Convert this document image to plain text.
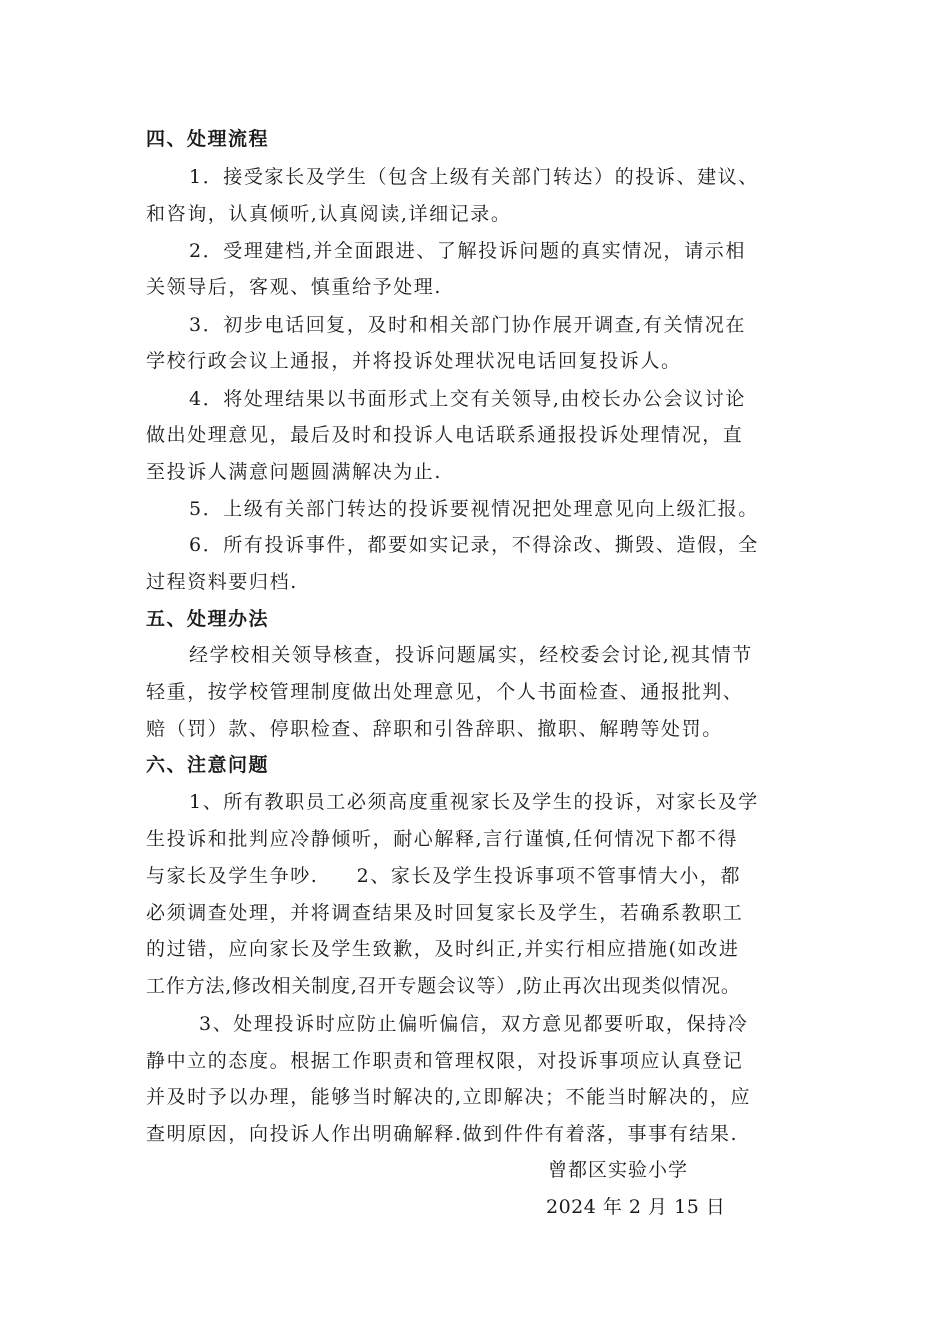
四、处理流程
1．接受家长及学生（包含上级有关部门转达）的投诉、建议、
和咨询，认真倾听,认真阅读,详细记录。
2．受理建档,并全面跟进、了解投诉问题的真实情况，请示相
关领导后，客观、慎重给予处理.
3．初步电话回复，及时和相关部门协作展开调查,有关情况在
学校行政会议上通报，并将投诉处理状况电话回复投诉人。
4．将处理结果以书面形式上交有关领导,由校长办公会议讨论
做出处理意见，最后及时和投诉人电话联系通报投诉处理情况，直
至投诉人满意问题圆满解决为止.
5．上级有关部门转达的投诉要视情况把处理意见向上级汇报。
6．所有投诉事件，都要如实记录，不得涂改、撕毁、造假，全
过程资料要归档.
五、处理办法
经学校相关领导核查，投诉问题属实，经校委会讨论,视其情节
轻重，按学校管理制度做出处理意见，个人书面检查、通报批判、
赔（罚）款、停职检查、辞职和引咎辞职、撤职、解聘等处罚。
六、注意问题
1、所有教职员工必须高度重视家长及学生的投诉，对家长及学
生投诉和批判应冷静倾听，耐心解释,言行谨慎,任何情况下都不得
与家长及学生争吵.     2、家长及学生投诉事项不管事情大小，都
必须调查处理，并将调查结果及时回复家长及学生，若确系教职工
的过错，应向家长及学生致歉，及时纠正,并实行相应措施(如改进
工作方法,修改相关制度,召开专题会议等）,防止再次出现类似情况。
3、处理投诉时应防止偏听偏信，双方意见都要听取，保持冷
静中立的态度。根据工作职责和管理权限，对投诉事项应认真登记
并及时予以办理，能够当时解决的,立即解决；不能当时解决的，应
查明原因，向投诉人作出明确解释.做到件件有着落，事事有结果.
曾都区实验小学
2024 年 2 月 15 日
